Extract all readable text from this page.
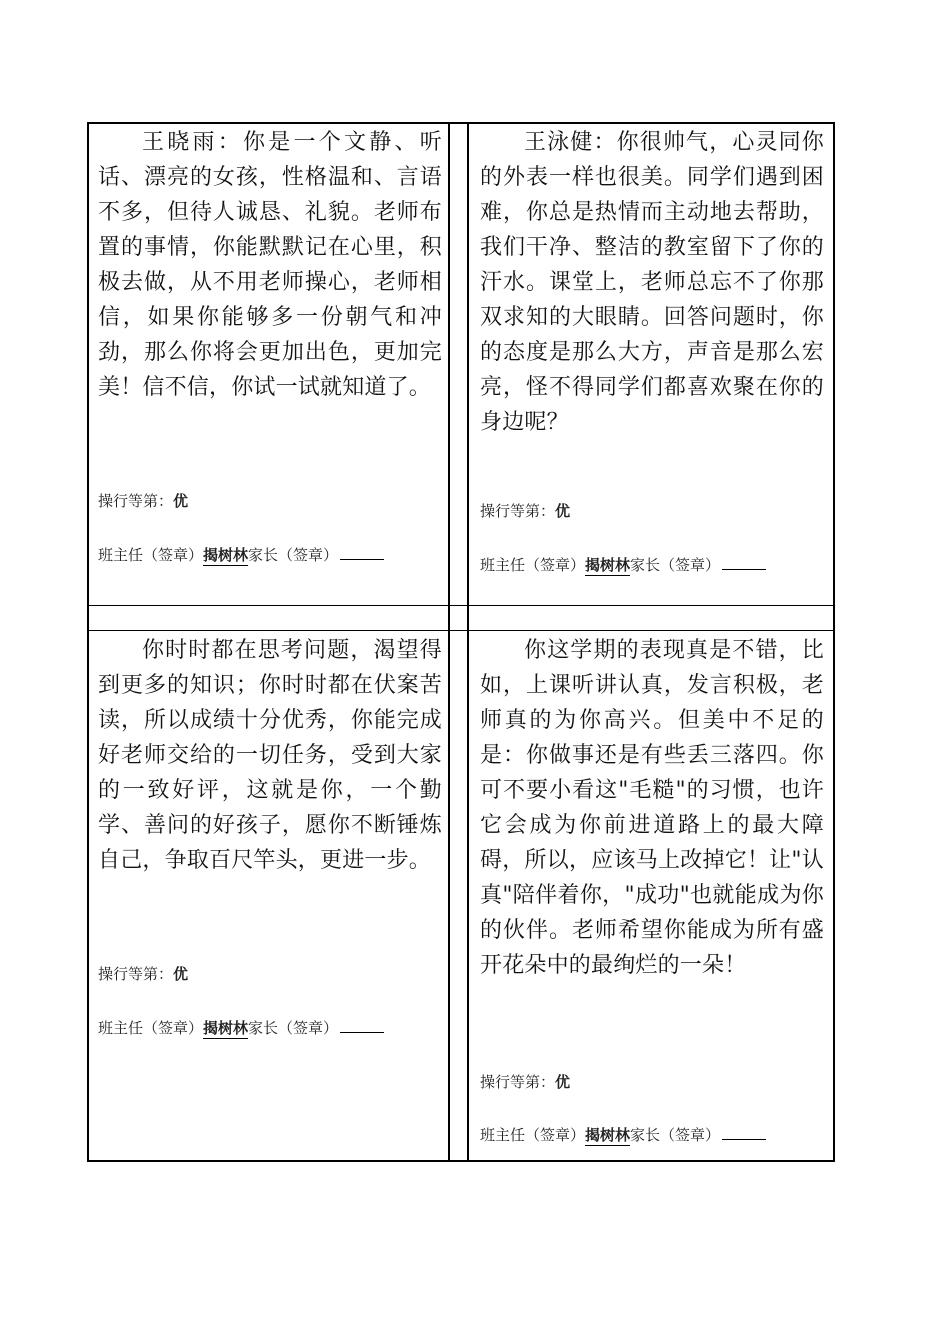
王晓雨：你是一个文静、听话、漂亮的女孩，性格温和、言语不多，但待人诚恳、礼貌。老师布置的事情，你能默默记在心里，积极去做，从不用老师操心，老师相信，如果你能够多一份朝气和冲劲，那么你将会更加出色，更加完美！信不信，你试一试就知道了。

操行等第：优
班主任（签章）揭树林家长（签章）

王泳健：你很帅气，心灵同你的外表一样也很美。同学们遇到困难，你总是热情而主动地去帮助，我们干净、整洁的教室留下了你的汗水。课堂上，老师总忘不了你那双求知的大眼睛。回答问题时，你的态度是那么大方，声音是那么宏亮，怪不得同学们都喜欢聚在你的身边呢？

操行等第：优
班主任（签章）揭树林家长（签章）

你时时都在思考问题，渴望得到更多的知识；你时时都在伏案苦读，所以成绩十分优秀，你能完成好老师交给的一切任务，受到大家的一致好评，这就是你，一个勤学、善问的好孩子，愿你不断锤炼自己，争取百尺竿头，更进一步。

操行等第：优
班主任（签章）揭树林家长（签章）

你这学期的表现真是不错，比如，上课听讲认真，发言积极，老师真的为你高兴。但美中不足的是：你做事还是有些丢三落四。你可不要小看这"毛糙"的习惯，也许它会成为你前进道路上的最大障碍，所以，应该马上改掉它！让"认真"陪伴着你，"成功"也就能成为你的伙伴。老师希望你能成为所有盛开花朵中的最绚烂的一朵！

操行等第：优
班主任（签章）揭树林家长（签章）
